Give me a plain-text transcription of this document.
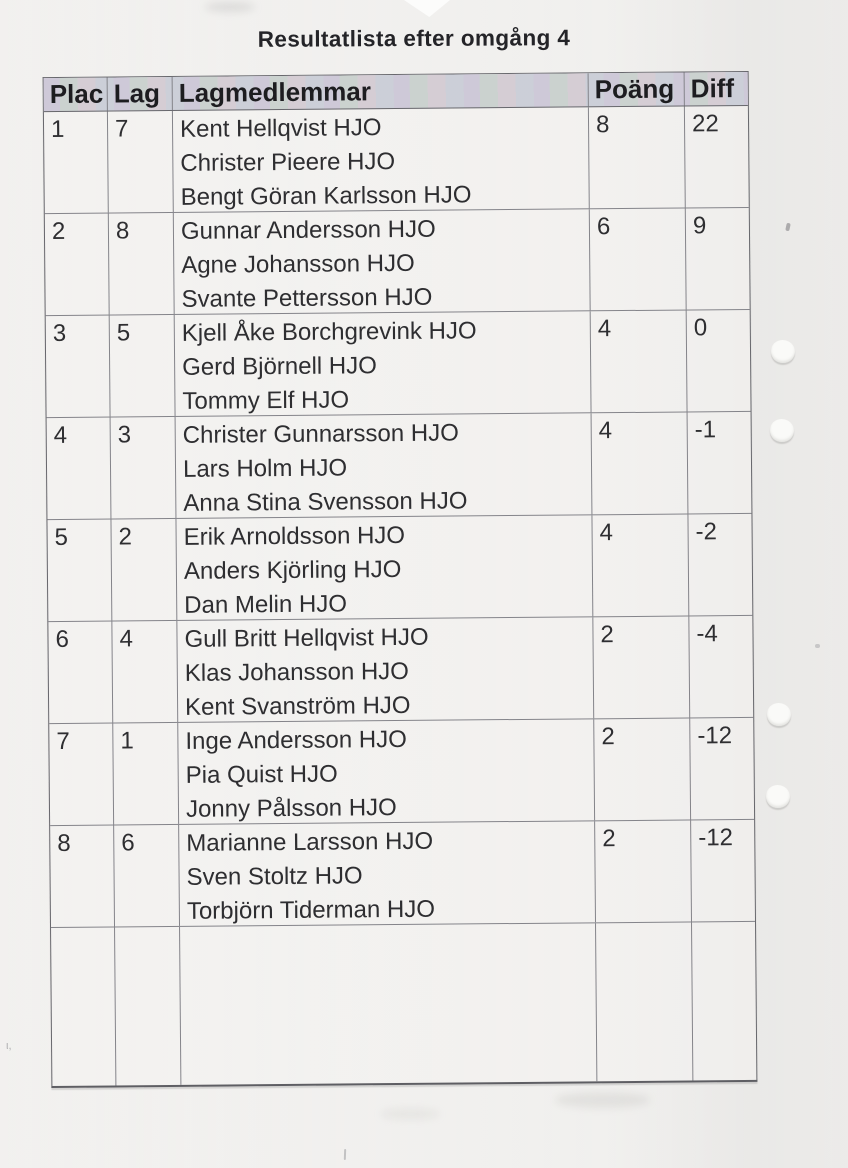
Resultatlista efter omgång 4
Plac Lag Lagmedlemmar	Poäng Diff
1	7	Kent Hellqvist HJO
Christer Pieere HJO
Bengt Göran Karlsson HJO
8	22
2	8	Gunnar Andersson HJO
Agne Johansson HJO
Svante Pettersson HJO
6	9
3	5	Kjell Åke Borchgrevink HJO
Gerd Björnell HJO
Tommy Elf HJO
4	0
4	3	Christer Gunnarsson HJO
Lars Holm HJO
Anna Stina Svensson HJO
4	-1
5	2	Erik Arnoldsson HJO
Anders Kjörling HJO
Dan Melin HJO
4	-2
6	4	Gull Britt Hellqvist HJO
Klas Johansson HJO
Kent Svanström HJO
2	-4
7	1	Inge Andersson HJO
Pia Quist HJO
Jonny Pålsson HJO
2	-12
8	6	Marianne Larsson HJO
Sven Stoltz HJO
Torbjörn Tiderman HJO
2	-12
ι,
